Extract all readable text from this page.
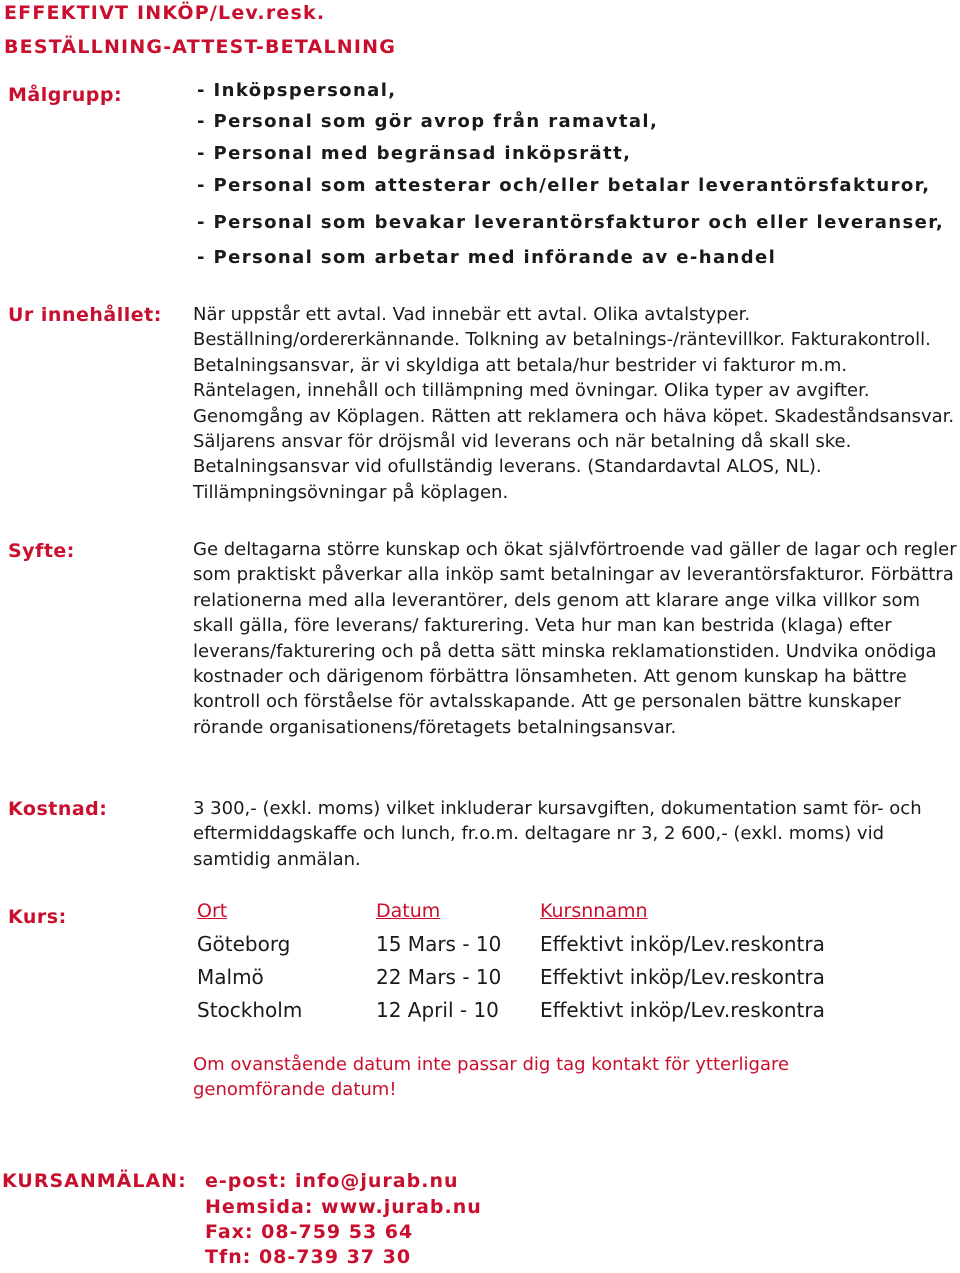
EFFEKTIVT INKÖP/Lev.resk.
BESTÄLLNING-ATTEST-BETALNING
Målgrupp:	- Inköpspersonal,
- Personal som gör avrop från ramavtal,
- Personal med begränsad inköpsrätt,
- Personal som attesterar och/eller betalar leverantörsfakturor,
- Personal som bevakar leverantörsfakturor och eller leveranser,
- Personal som arbetar med införande av e-handel
Ur innehållet: När uppstår ett avtal. Vad innebär ett avtal. Olika avtalstyper. Beställning/ordererkännande. Tolkning av betalnings-/räntevillkor. Fakturakontroll. Betalningsansvar, är vi skyldiga att betala/hur bestrider vi fakturor m.m. Räntelagen, innehåll och tillämpning med övningar. Olika typer av avgifter. Genomgång av Köplagen. Rätten att reklamera och häva köpet. Skadeståndsansvar. Säljarens ansvar för dröjsmål vid leverans och när betalning då skall ske. Betalningsansvar vid ofullständig leverans. (Standardavtal ALOS, NL). Tillämpningsövningar på köplagen.

Syfte:	Ge deltagarna större kunskap och ökat självförtroende vad gäller de lagar och regler som praktiskt påverkar alla inköp samt betalningar av leverantörsfakturor. Förbättra relationerna med alla leverantörer, dels genom att klarare ange vilka villkor som skall gälla, före leverans/ fakturering. Veta hur man kan bestrida (klaga) efter leverans/fakturering och på detta sätt minska reklamationstiden. Undvika onödiga kostnader och därigenom förbättra lönsamheten. Att genom kunskap ha bättre kontroll och förståelse för avtalsskapande. Att ge personalen bättre kunskaper rörande organisationens/företagets betalningsansvar.

Kostnad:	3 300,- (exkl. moms) vilket inkluderar kursavgiften, dokumentation samt för- och eftermiddagskaffe och lunch, fr.o.m. deltagare nr 3, 2 600,- (exkl. moms) vid samtidig anmälan.

Kurs:	Ort	Datum	Kursnnamn
Göteborg	15 Mars - 10 Effektivt inköp/Lev.reskontra
Malmö	22 Mars - 10 Effektivt inköp/Lev.reskontra
Stockholm	12 April - 10 Effektivt inköp/Lev.reskontra

Om ovanstående datum inte passar dig tag kontakt för ytterligare genomförande datum!

KURSANMÄLAN: e-post: info@jurab.nu
Hemsida: www.jurab.nu
Fax: 08-759 53 64
Tfn: 08-739 37 30
